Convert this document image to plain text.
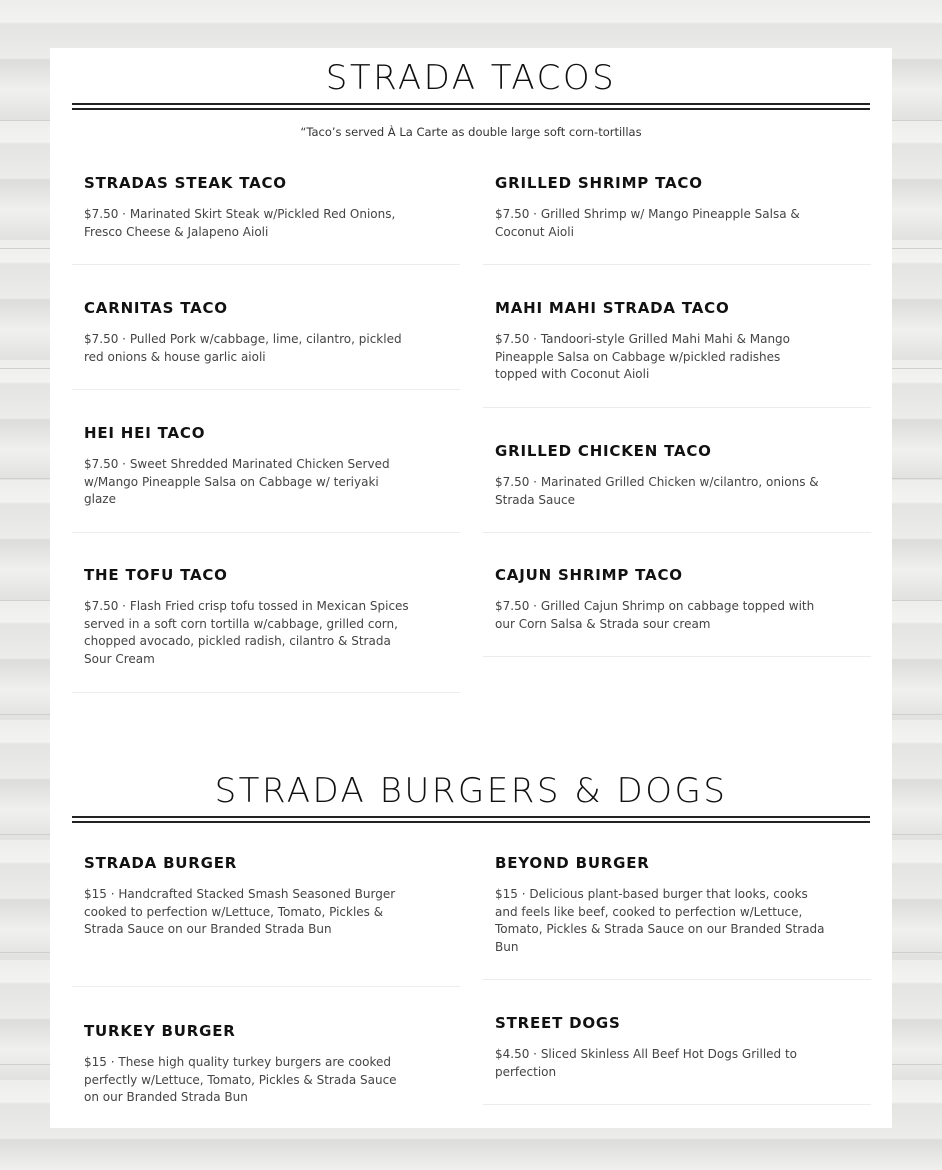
STRADA TACOS
“Taco’s served À La Carte as double large soft corn-tortillas
STRADAS STEAK TACO
$7.50 · Marinated Skirt Steak w/Pickled Red Onions, Fresco Cheese & Jalapeno Aioli
CARNITAS TACO
$7.50 · Pulled Pork w/cabbage, lime, cilantro, pickled red onions & house garlic aioli
HEI HEI TACO
$7.50 · Sweet Shredded Marinated Chicken Served w/Mango Pineapple Salsa on Cabbage w/ teriyaki glaze
THE TOFU TACO
$7.50 · Flash Fried crisp tofu tossed in Mexican Spices served in a soft corn tortilla w/cabbage, grilled corn, chopped avocado, pickled radish, cilantro & Strada Sour Cream
GRILLED SHRIMP TACO
$7.50 · Grilled Shrimp w/ Mango Pineapple Salsa & Coconut Aioli
MAHI MAHI STRADA TACO
$7.50 · Tandoori-style Grilled Mahi Mahi & Mango Pineapple Salsa on Cabbage w/pickled radishes topped with Coconut Aioli
GRILLED CHICKEN TACO
$7.50 · Marinated Grilled Chicken w/cilantro, onions & Strada Sauce
CAJUN SHRIMP TACO
$7.50 · Grilled Cajun Shrimp on cabbage topped with our Corn Salsa & Strada sour cream
STRADA BURGERS & DOGS
STRADA BURGER
$15 · Handcrafted Stacked Smash Seasoned Burger cooked to perfection w/Lettuce, Tomato, Pickles & Strada Sauce on our Branded Strada Bun
TURKEY BURGER
$15 · These high quality turkey burgers are cooked perfectly w/Lettuce, Tomato, Pickles & Strada Sauce on our Branded Strada Bun
BEYOND BURGER
$15 · Delicious plant-based burger that looks, cooks and feels like beef, cooked to perfection w/Lettuce, Tomato, Pickles & Strada Sauce on our Branded Strada Bun
STREET DOGS
$4.50 · Sliced Skinless All Beef Hot Dogs Grilled to perfection
